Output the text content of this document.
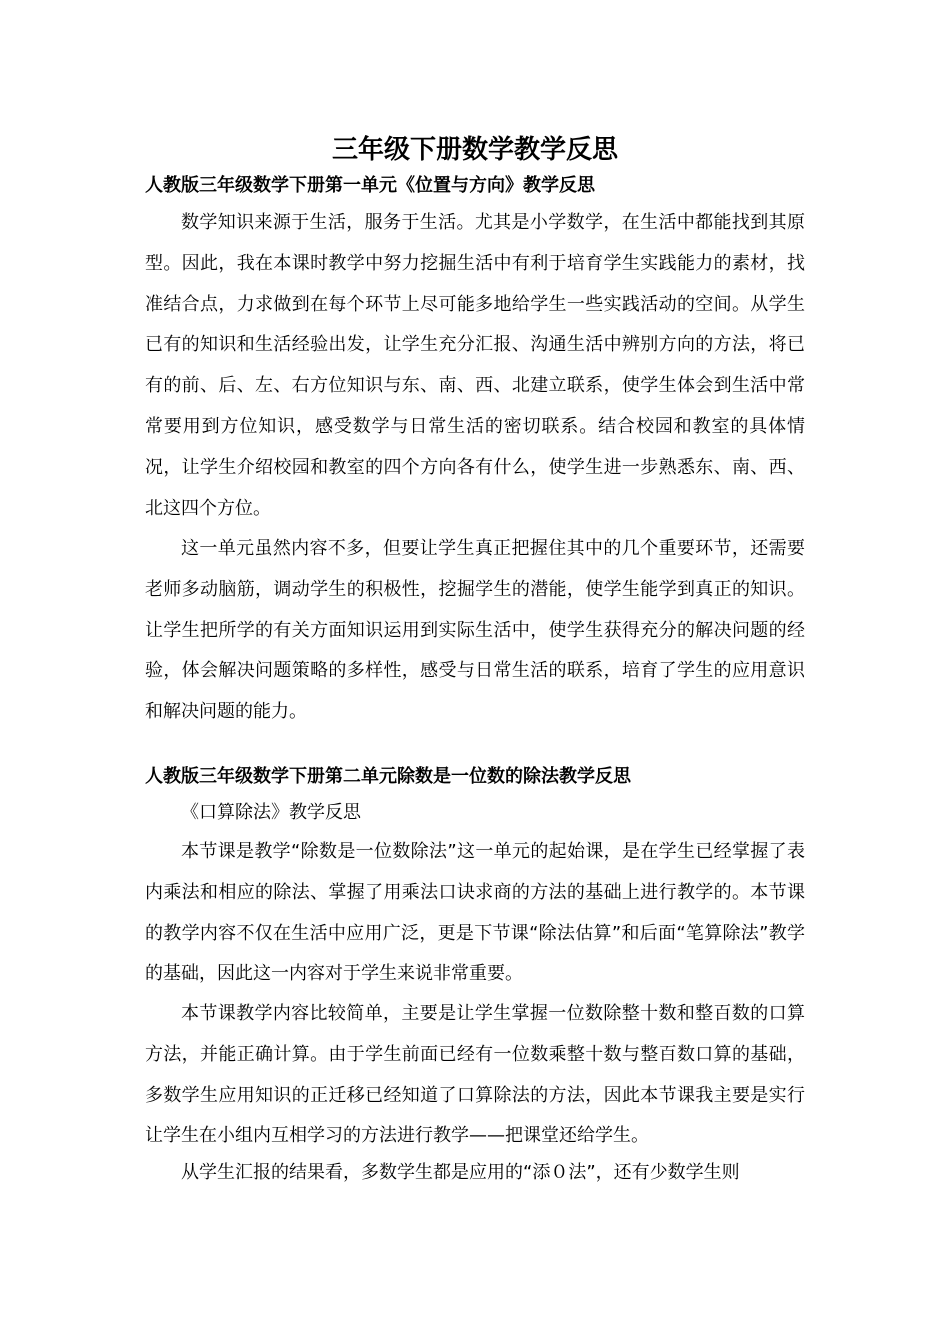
三年级下册数学教学反思
人教版三年级数学下册第一单元《位置与方向》教学反思

数学知识来源于生活，服务于生活。尤其是小学数学，在生活中都能找到其原型。因此，我在本课时教学中努力挖掘生活中有利于培育学生实践能力的素材，找准结合点，力求做到在每个环节上尽可能多地给学生一些实践活动的空间。从学生已有的知识和生活经验出发，让学生充分汇报、沟通生活中辨别方向的方法，将已有的前、后、左、右方位知识与东、南、西、北建立联系，使学生体会到生活中常常要用到方位知识，感受数学与日常生活的密切联系。结合校园和教室的具体情况，让学生介绍校园和教室的四个方向各有什么，使学生进一步熟悉东、南、西、北这四个方位。

这一单元虽然内容不多，但要让学生真正把握住其中的几个重要环节，还需要老师多动脑筋，调动学生的积极性，挖掘学生的潜能，使学生能学到真正的知识。让学生把所学的有关方面知识运用到实际生活中，使学生获得充分的解决问题的经验，体会解决问题策略的多样性，感受与日常生活的联系，培育了学生的应用意识和解决问题的能力。

人教版三年级数学下册第二单元除数是一位数的除法教学反思

《口算除法》教学反思

本节课是教学“除数是一位数除法”这一单元的起始课，是在学生已经掌握了表内乘法和相应的除法、掌握了用乘法口诀求商的方法的基础上进行教学的。本节课的教学内容不仅在生活中应用广泛，更是下节课“除法估算”和后面“笔算除法”教学的基础，因此这一内容对于学生来说非常重要。

本节课教学内容比较简单，主要是让学生掌握一位数除整十数和整百数的口算方法，并能正确计算。由于学生前面已经有一位数乘整十数与整百数口算的基础，多数学生应用知识的正迁移已经知道了口算除法的方法，因此本节课我主要是实行让学生在小组内互相学习的方法进行教学——把课堂还给学生。

从学生汇报的结果看，多数学生都是应用的“添０法”，还有少数学生则
